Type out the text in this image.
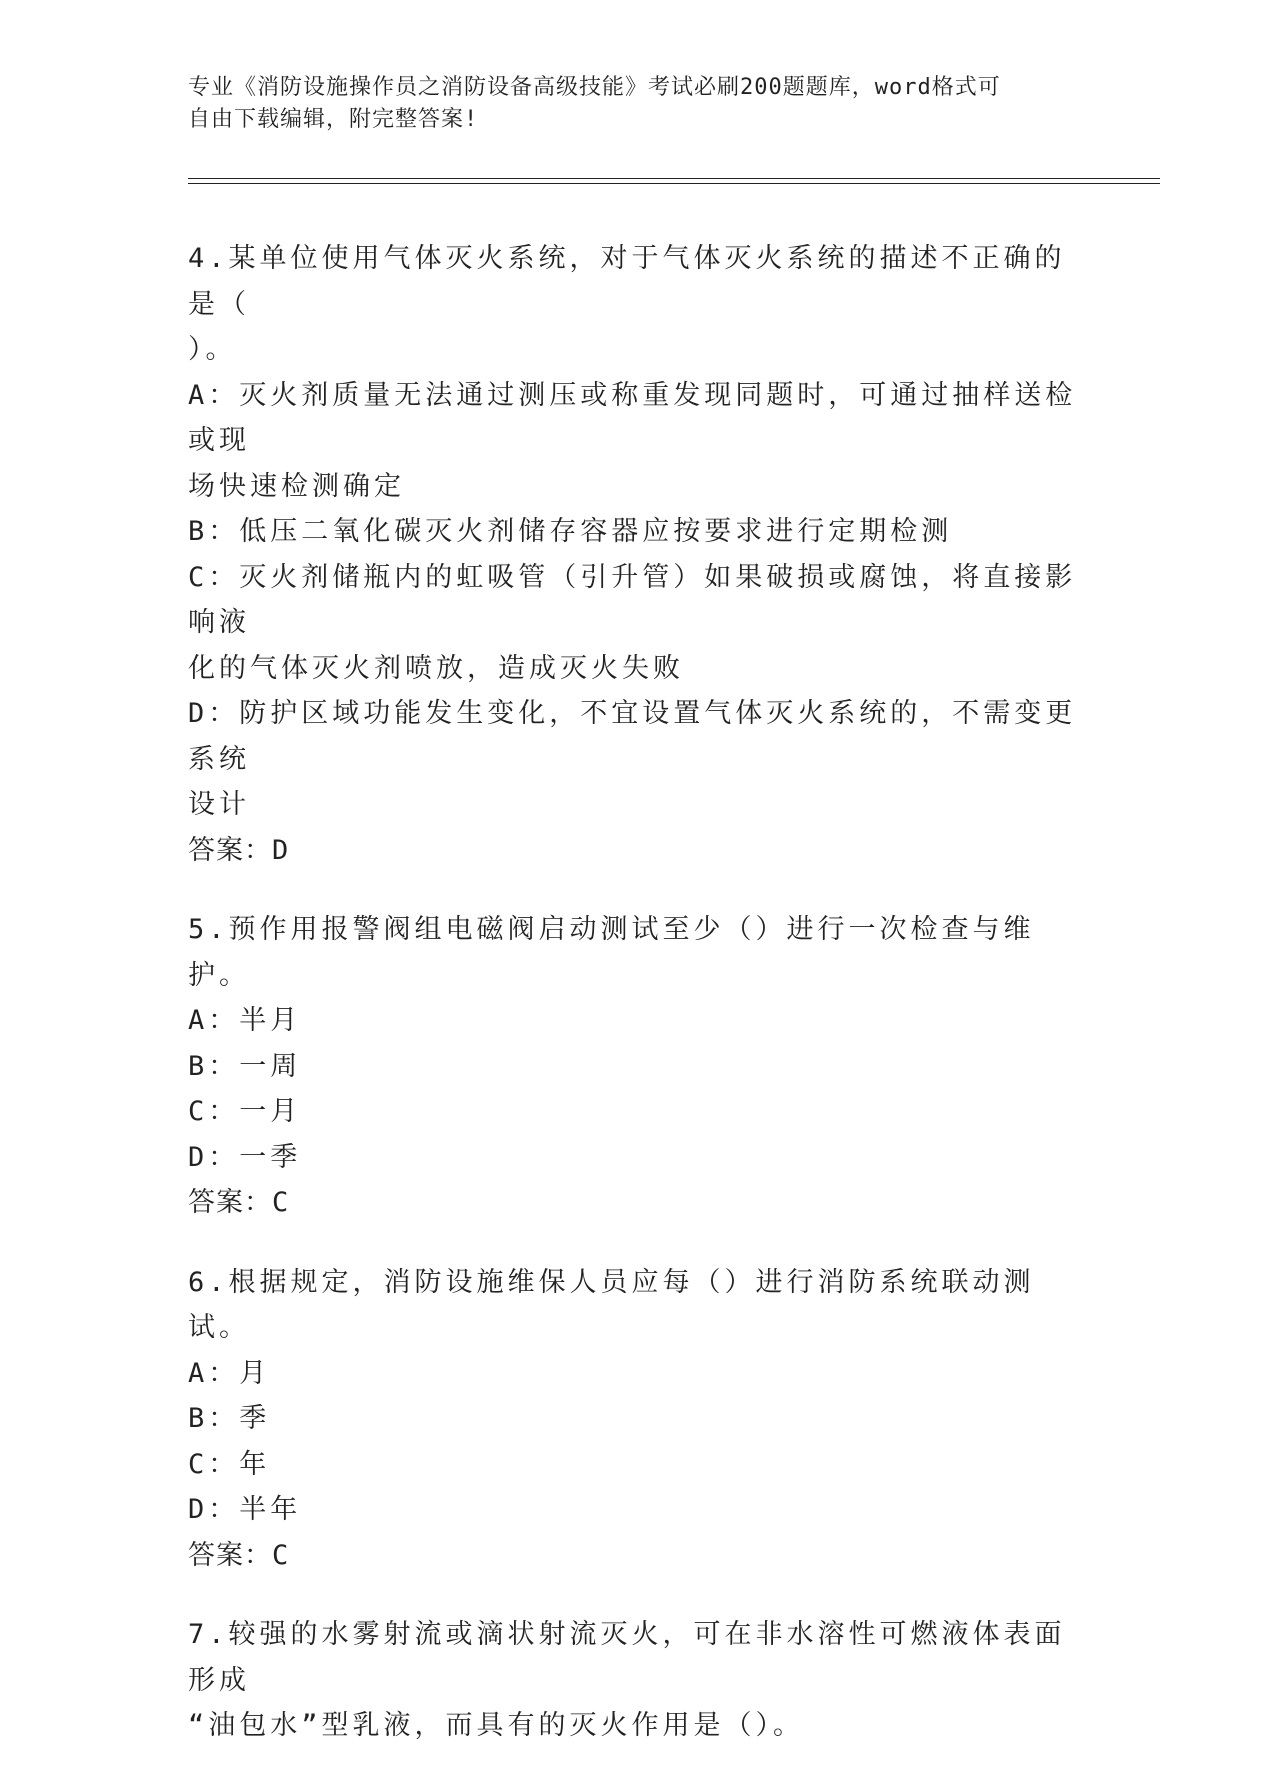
专业《消防设施操作员之消防设备高级技能》考试必刷200题题库，word格式可
自由下载编辑，附完整答案!
4.某单位使用气体灭火系统，对于气体灭火系统的描述不正确的是（
）。
A：灭火剂质量无法通过测压或称重发现同题时，可通过抽样送检或现
场快速检测确定
B：低压二氧化碳灭火剂储存容器应按要求进行定期检测
C：灭火剂储瓶内的虹吸管（引升管）如果破损或腐蚀，将直接影响液
化的气体灭火剂喷放，造成灭火失败
D：防护区域功能发生变化，不宜设置气体灭火系统的，不需变更系统
设计
答案：D
5.预作用报警阀组电磁阀启动测试至少（）进行一次检查与维护。
A：半月
B：一周
C：一月
D：一季
答案：C
6.根据规定，消防设施维保人员应每（）进行消防系统联动测试。
A：月
B：季
C：年
D：半年
答案：C
7.较强的水雾射流或滴状射流灭火，可在非水溶性可燃液体表面形成
“油包水”型乳液，而具有的灭火作用是（）。
